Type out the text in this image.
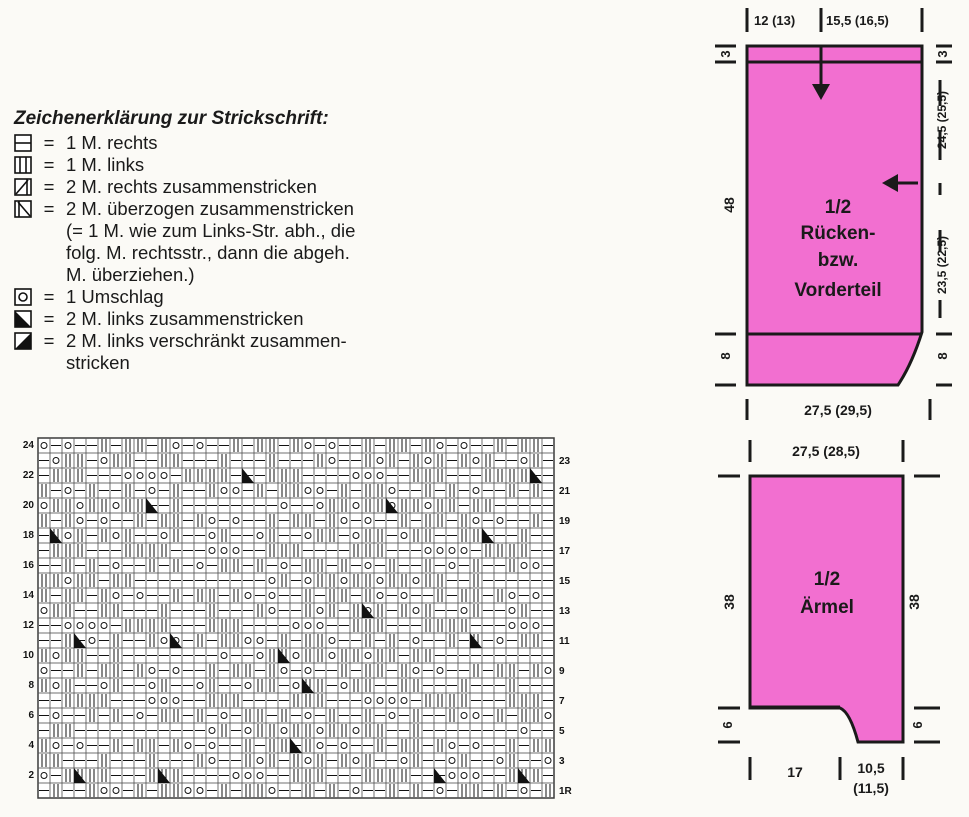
Zeichenerklärung zur Strickschrift:
= 1 M. rechts
= 1 M. links
= 2 M. rechts zusammenstricken
= 2 M. überzogen zusammenstricken
(= 1 M. wie zum Links-Str. abh., die
folg. M. rechtsstr., dann die abgeh.
M. überziehen.)
= 1 Umschlag
= 2 M. links zusammenstricken
= 2 M. links verschränkt zusammen-
stricken
24
22
20
18
16
14
12
10
8
6
4
2
23
21
19
17
15
13
11
9
7
5
3
1R
12 (13) 15,5 (16,5)
3	3
48
24,5 (25,5)
23,5 (22,5)
8	8
1/2
Rücken-
bzw.
Vorderteil
27,5 (29,5)
27,5 (28,5)
38	38
1/2
Ärmel
6	6
17	10,5
(11,5)
